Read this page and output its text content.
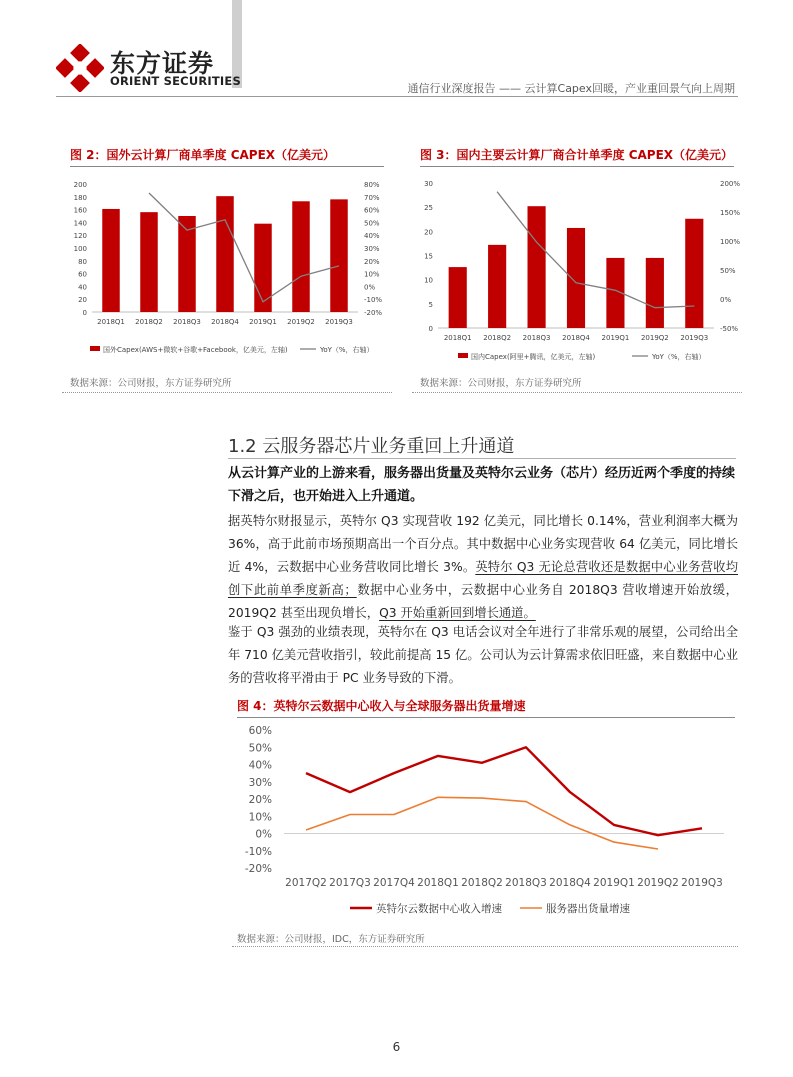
东方证券
ORIENT SECURITIES
通信行业深度报告 —— 云计算Capex回暖，产业重回景气向上周期
图 2：国外云计算厂商单季度 CAPEX（亿美元）
0
20
40
60
80
100
120
140
160
180
200
-20%
-10%
0%
10%
20%
30%
40%
50%
60%
70%
80%
2018Q1 2018Q2 2018Q3 2018Q4 2019Q1 2019Q2 2019Q3
国外Capex(AWS+微软+谷歌+Facebook，亿美元，左轴)	YoY（%，右轴）
数据来源：公司财报，东方证券研究所
图 3：国内主要云计算厂商合计单季度 CAPEX（亿美元）
0
5
10
15
20
25
30
-50%
0%
50%
100%
150%
200%
2018Q1 2018Q2 2018Q3 2018Q4 2019Q1 2019Q2 2019Q3
国内Capex(阿里+腾讯，亿美元，左轴)	YoY（%，右轴）
数据来源：公司财报，东方证券研究所
1.2 云服务器芯片业务重回上升通道
从云计算产业的上游来看，服务器出货量及英特尔云业务（芯片）经历近两个季度的持续下滑之后，也开始进入上升通道。
据英特尔财报显示，英特尔 Q3 实现营收 192 亿美元，同比增长 0.14%，营业利润率大概为 36%，高于此前市场预期高出一个百分点。其中数据中心业务实现营收 64 亿美元，同比增长近 4%，云数据中心业务营收同比增长 3%。英特尔 Q3 无论总营收还是数据中心业务营收均创下此前单季度新高；数据中心业务中，云数据中心业务自 2018Q3 营收增速开始放缓，2019Q2 甚至出现负增长，Q3 开始重新回到增长通道。
鉴于 Q3 强劲的业绩表现，英特尔在 Q3 电话会议对全年进行了非常乐观的展望，公司给出全年 710 亿美元营收指引，较此前提高 15 亿。公司认为云计算需求依旧旺盛，来自数据中心业务的营收将平滑由于 PC 业务导致的下滑。
图 4：英特尔云数据中心收入与全球服务器出货量增速
-20%
-10%
0%
10%
20%
30%
40%
50%
60%
2017Q2 2017Q3 2017Q4 2018Q1 2018Q2 2018Q3 2018Q4 2019Q1 2019Q2 2019Q3
英特尔云数据中心收入增速	服务器出货量增速
数据来源：公司财报，IDC，东方证券研究所
6
